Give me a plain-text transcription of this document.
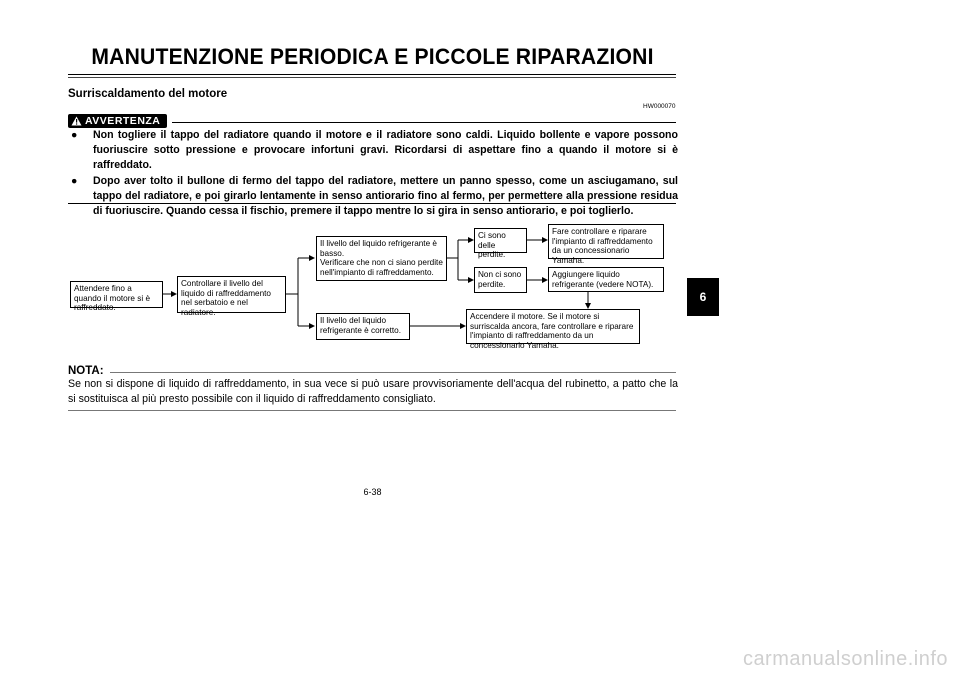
MANUTENZIONE PERIODICA E PICCOLE RIPARAZIONI
Surriscaldamento del motore
HW000070
AVVERTENZA
●	Non togliere il tappo del radiatore quando il motore e il radiatore sono caldi. Liquido bollente e vapore possono fuoriuscire sotto pressione e provocare infortuni gravi. Ricordarsi di aspettare fino a quando il motore si è raffreddato.
●	Dopo aver tolto il bullone di fermo del tappo del radiatore, mettere un panno spesso, come un asciugamano, sul tappo del radiatore, e poi girarlo lentamente in senso antiorario fino al fermo, per permettere alla pressione residua di fuoriuscire. Quando cessa il fischio, premere il tappo mentre lo si gira in senso antiorario, e poi toglierlo.
Attendere fino a quando il motore si è raffreddato.
Controllare il livello del liquido di raffreddamento nel serbatoio e nel radiatore.
Il livello del liquido refrigerante è basso.
Verificare che non ci siano perdite nell'impianto di raffreddamento.
Il livello del liquido refrigerante è corretto.
Ci sono delle perdite.
Non ci sono perdite.
Fare controllare e riparare l'impianto di raffreddamento da un concessionario Yamaha.
Aggiungere liquido refrigerante (vedere NOTA).
Accendere il motore. Se il motore si surriscalda ancora, fare controllare e riparare l'impianto di raffreddamento da un concessionario Yamaha.
NOTA:
Se non si dispone di liquido di raffreddamento, in sua vece si può usare provvisoriamente dell'acqua del rubinetto, a patto che la si sostituisca al più presto possibile con il liquido di raffreddamento consigliato.
6-38
6
carmanualsonline.info
